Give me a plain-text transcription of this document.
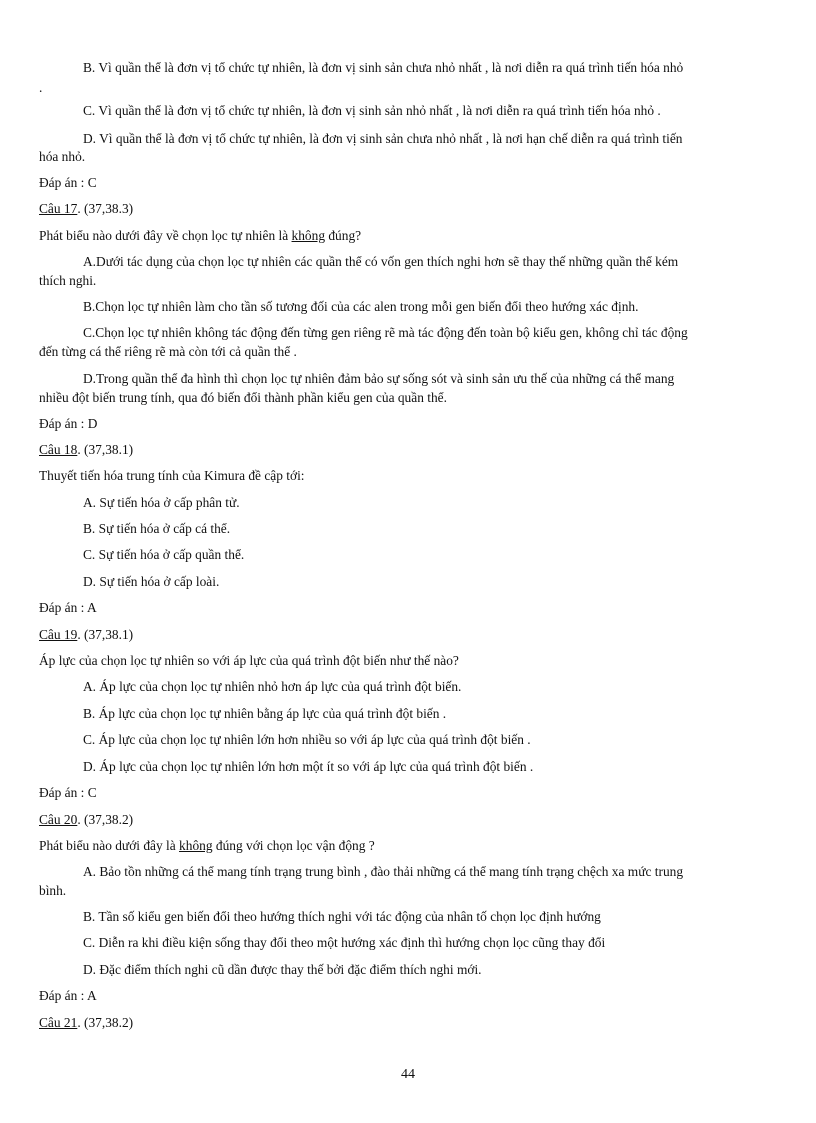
B. Vì quần thể là đơn vị tổ chức tự nhiên, là đơn vị sinh sản chưa nhỏ nhất , là nơi diễn ra quá trình tiến hóa nhỏ
.
C. Vì quần thể là đơn vị tổ chức tự nhiên, là đơn vị sinh sản nhỏ nhất , là nơi diễn ra quá trình tiến hóa nhỏ .
D. Vì quần thể là đơn vị tổ chức tự nhiên, là đơn vị sinh sản chưa nhỏ nhất , là nơi hạn chế diễn ra quá trình tiến
hóa nhỏ.
Đáp án : C
Câu 17. (37,38.3)
Phát biểu nào dưới đây về chọn lọc tự nhiên là không đúng?
A.Dưới tác dụng của chọn lọc tự nhiên các quần thể có vốn gen thích nghi hơn sẽ thay thế những quần thể kém
thích nghi.
B.Chọn lọc tự nhiên làm cho tần số tương đối của các alen trong mỗi gen biến đổi theo hướng xác định.
C.Chọn lọc tự nhiên không tác động đến từng gen riêng rẽ mà tác động đến toàn bộ kiểu gen, không chỉ tác động
đến từng cá thể riêng rẽ mà còn tới cả quần thể .
D.Trong quần thể đa hình thì chọn lọc tự nhiên đảm bảo sự sống sót và sinh sản ưu thế của những cá thể mang
nhiều đột biến trung tính, qua đó biến đổi thành phần kiểu gen của quần thể.
Đáp án : D
Câu 18. (37,38.1)
Thuyết tiến hóa trung tính của Kimura đề cập tới:
A. Sự tiến hóa ở cấp phân tử.
B. Sự tiến hóa ở cấp cá thể.
C. Sự tiến hóa ở cấp quần thể.
D. Sự tiến hóa ở cấp loài.
Đáp án : A
Câu 19. (37,38.1)
Áp lực của chọn lọc tự nhiên so với áp lực của quá trình đột biến như thế nào?
A. Áp lực của chọn lọc tự nhiên nhỏ hơn áp lực của quá trình đột biến.
B. Áp lực của chọn lọc tự nhiên bằng áp lực của quá trình đột biến .
C. Áp lực của chọn lọc tự nhiên lớn hơn nhiều so với áp lực của quá trình đột biến .
D. Áp lực của chọn lọc tự nhiên lớn hơn một ít so với áp lực của quá trình đột biến .
Đáp án : C
Câu 20. (37,38.2)
Phát biểu nào dưới đây là không đúng với chọn lọc vận động ?
A. Bảo tồn những cá thể mang tính trạng trung bình , đào thải những cá thể mang tính trạng chệch xa mức trung
bình.
B. Tần số kiểu gen biến đổi theo hướng thích nghi với tác động của nhân tố chọn lọc định hướng
C. Diễn ra khi điều kiện sống thay đổi theo một hướng xác định thì hướng chọn lọc cũng thay đổi
D. Đặc điểm thích nghi cũ dần được thay thế bởi đặc điểm thích nghi mới.
Đáp án : A
Câu 21. (37,38.2)
44
